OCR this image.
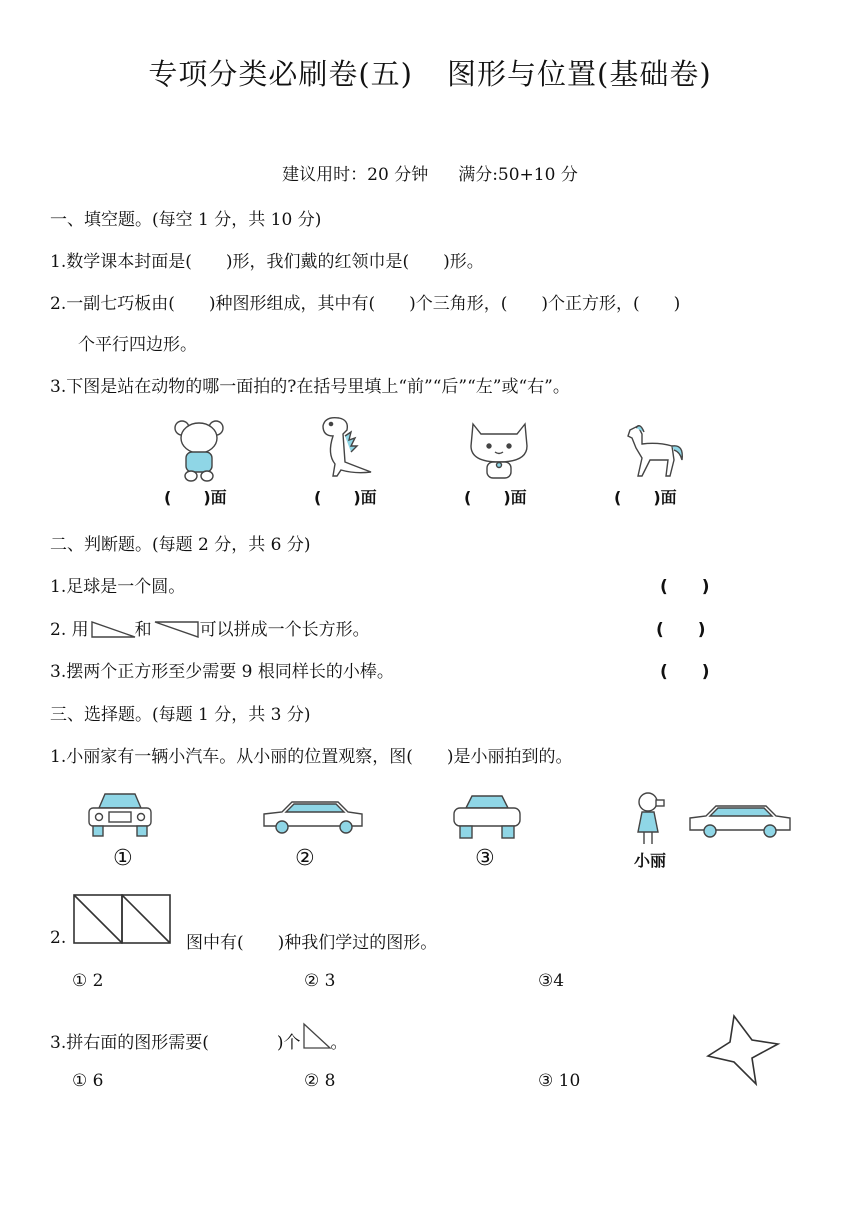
专项分类必刷卷(五) 图形与位置(基础卷)
建议用时：20 分钟 满分:50+10 分
一、填空题。(每空 1 分，共 10 分)
1.数学课本封面是(　　)形，我们戴的红领巾是(　　)形。
2.一副七巧板由(　　)种图形组成，其中有(　　)个三角形，(　　)个正方形，(　　)
个平行四边形。
3.下图是站在动物的哪一面拍的?在括号里填上“前”“后”“左”或“右”。
(　　)面	(　　)面	(　　)面	(　　)面
二、判断题。(每题 2 分，共 6 分)
1.足球是一个圆。	(　　)
2. 用	和	可以拼成一个长方形。	(　　)
3.摆两个正方形至少需要 9 根同样长的小棒。	(　　)
三、选择题。(每题 1 分，共 3 分)
1.小丽家有一辆小汽车。从小丽的位置观察，图(　　)是小丽拍到的。
①	②	③	小丽
2.	图中有(　　)种我们学过的图形。
① 2	② 3	③4
3.拼右面的图形需要(　　　　)个 。
① 6	② 8	③ 10
